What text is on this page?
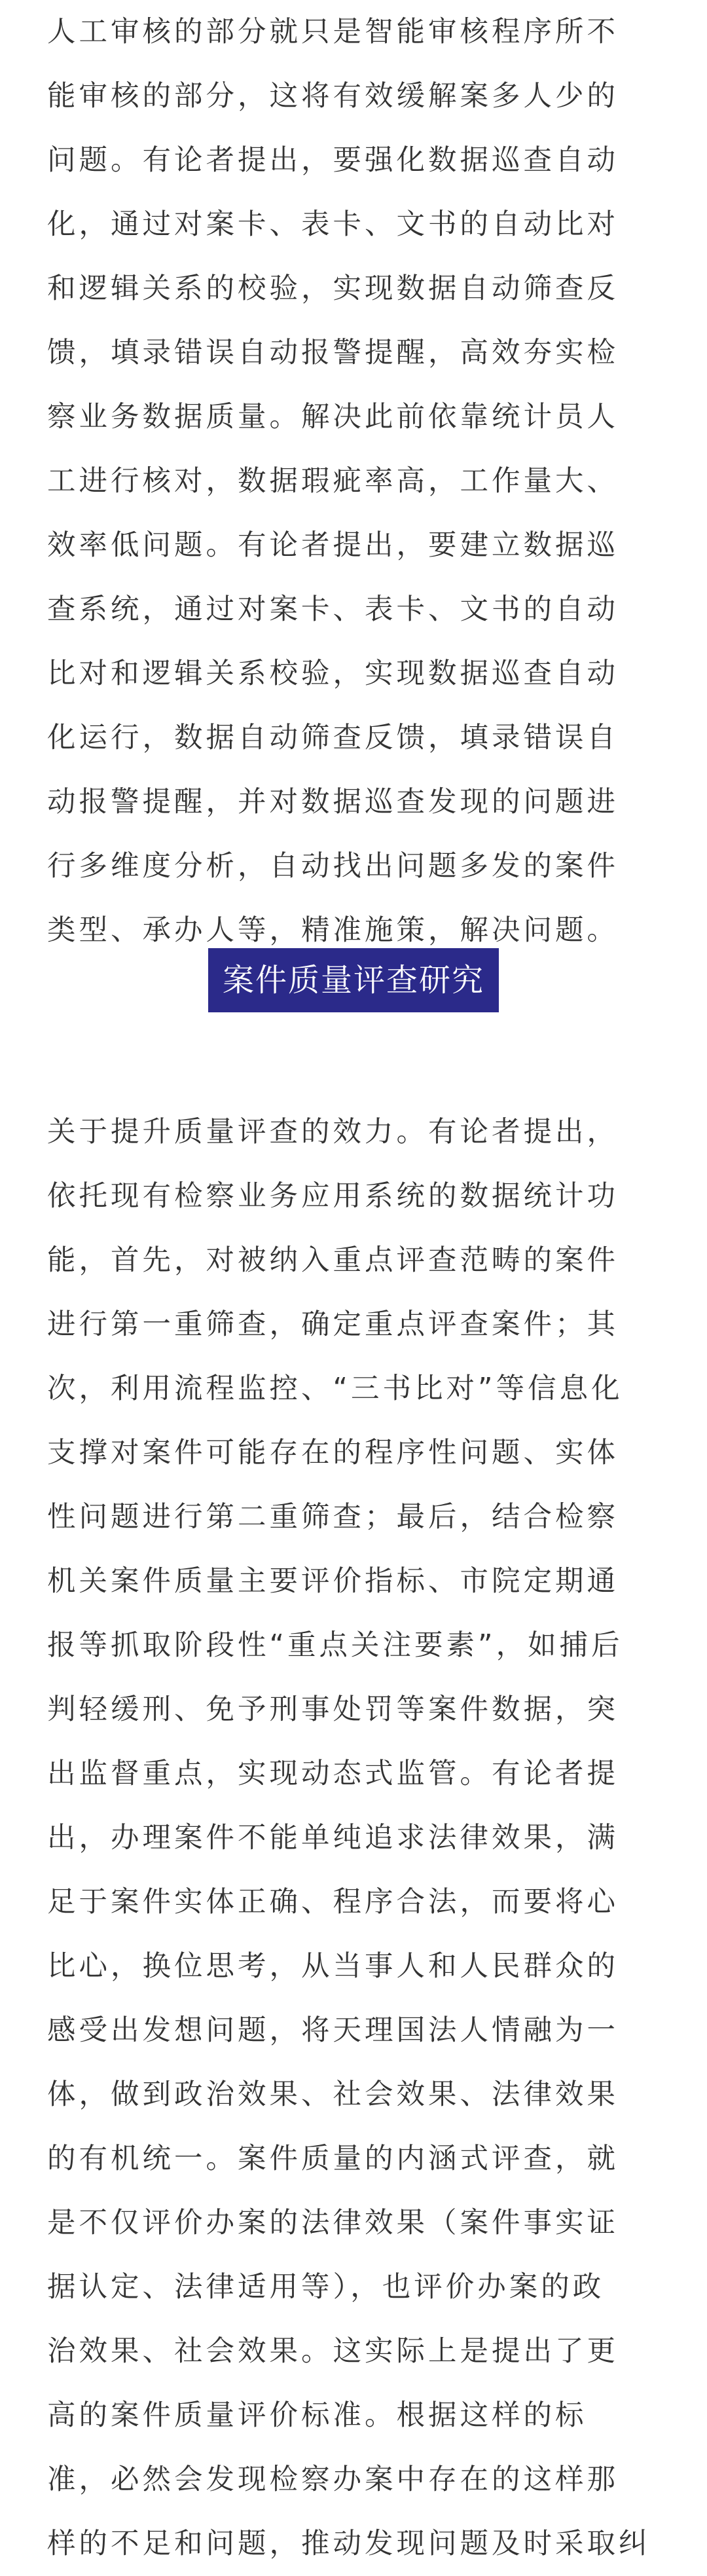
人工审核的部分就只是智能审核程序所不
能审核的部分，这将有效缓解案多人少的
问题。有论者提出，要强化数据巡查自动
化，通过对案卡、表卡、文书的自动比对
和逻辑关系的校验，实现数据自动筛查反
馈，填录错误自动报警提醒，高效夯实检
察业务数据质量。解决此前依靠统计员人
工进行核对，数据瑕疵率高，工作量大、
效率低问题。有论者提出，要建立数据巡
查系统，通过对案卡、表卡、文书的自动
比对和逻辑关系校验，实现数据巡查自动
化运行，数据自动筛查反馈，填录错误自
动报警提醒，并对数据巡查发现的问题进
行多维度分析，自动找出问题多发的案件
类型、承办人等，精准施策，解决问题。
案件质量评查研究
关于提升质量评查的效力。有论者提出，
依托现有检察业务应用系统的数据统计功
能，首先，对被纳入重点评查范畴的案件
进行第一重筛查，确定重点评查案件；其
次，利用流程监控、“三书比对”等信息化
支撑对案件可能存在的程序性问题、实体
性问题进行第二重筛查；最后，结合检察
机关案件质量主要评价指标、市院定期通
报等抓取阶段性“重点关注要素”，如捕后
判轻缓刑、免予刑事处罚等案件数据，突
出监督重点，实现动态式监管。有论者提
出，办理案件不能单纯追求法律效果，满
足于案件实体正确、程序合法，而要将心
比心，换位思考，从当事人和人民群众的
感受出发想问题，将天理国法人情融为一
体，做到政治效果、社会效果、法律效果
的有机统一。案件质量的内涵式评查，就
是不仅评价办案的法律效果（案件事实证
据认定、法律适用等），也评价办案的政
治效果、社会效果。这实际上是提出了更
高的案件质量评价标准。根据这样的标
准，必然会发现检察办案中存在的这样那
样的不足和问题，推动发现问题及时采取纠
